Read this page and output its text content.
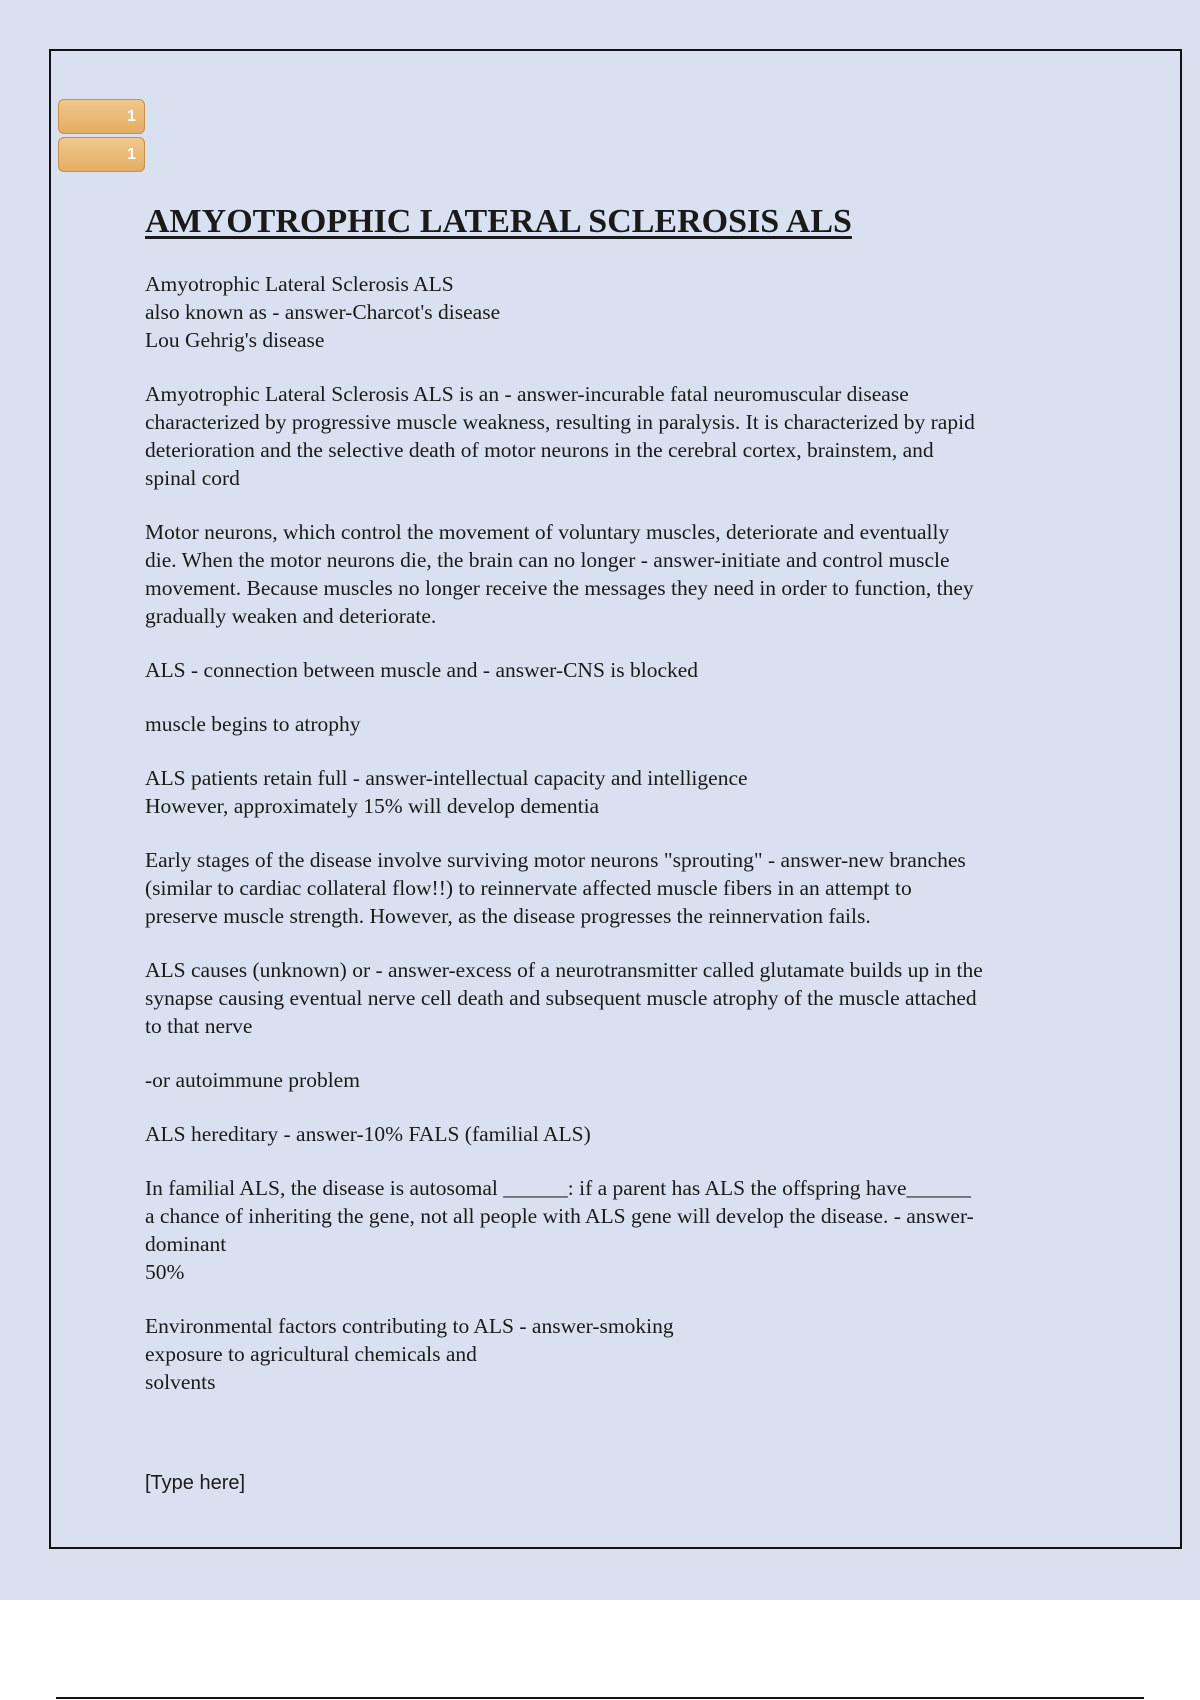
1
1
AMYOTROPHIC LATERAL SCLEROSIS ALS
Amyotrophic Lateral Sclerosis ALS
also known as - answer-Charcot's disease
Lou Gehrig's disease
Amyotrophic Lateral Sclerosis ALS is an - answer-incurable fatal neuromuscular disease
characterized by progressive muscle weakness, resulting in paralysis. It is characterized by rapid
deterioration and the selective death of motor neurons in the cerebral cortex, brainstem, and
spinal cord
Motor neurons, which control the movement of voluntary muscles, deteriorate and eventually
die. When the motor neurons die, the brain can no longer - answer-initiate and control muscle
movement. Because muscles no longer receive the messages they need in order to function, they
gradually weaken and deteriorate.
ALS - connection between muscle and - answer-CNS is blocked
muscle begins to atrophy
ALS patients retain full - answer-intellectual capacity and intelligence
However, approximately 15% will develop dementia
Early stages of the disease involve surviving motor neurons "sprouting" - answer-new branches
(similar to cardiac collateral flow!!) to reinnervate affected muscle fibers in an attempt to
preserve muscle strength. However, as the disease progresses the reinnervation fails.
ALS causes (unknown) or - answer-excess of a neurotransmitter called glutamate builds up in the
synapse causing eventual nerve cell death and subsequent muscle atrophy of the muscle attached
to that nerve
-or autoimmune problem
ALS hereditary - answer-10% FALS (familial ALS)
In familial ALS, the disease is autosomal ______: if a parent has ALS the offspring have______
a chance of inheriting the gene, not all people with ALS gene will develop the disease. - answer-
dominant
50%
Environmental factors contributing to ALS - answer-smoking
exposure to agricultural chemicals and
solvents
[Type here]
